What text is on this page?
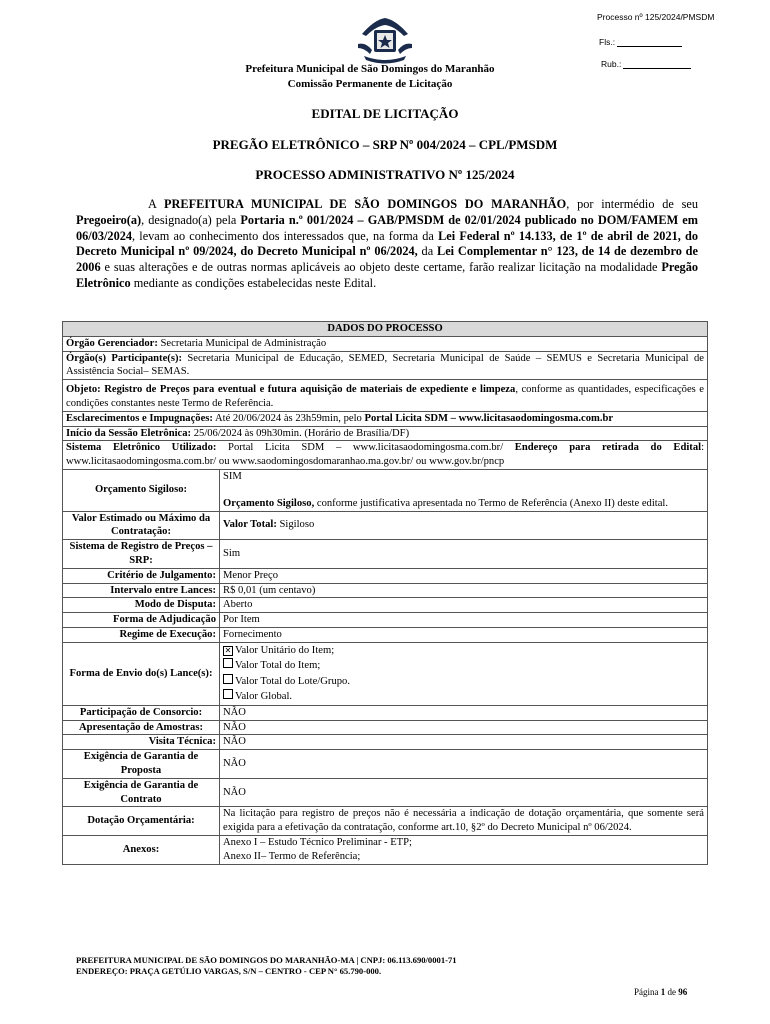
Processo nº 125/2024/PMSDM
Fls.:
Rub.:
Prefeitura Municipal de São Domingos do Maranhão
Comissão Permanente de Licitação
EDITAL DE LICITAÇÃO
PREGÃO ELETRÔNICO – SRP Nº 004/2024 – CPL/PMSDM
PROCESSO ADMINISTRATIVO Nº 125/2024

A PREFEITURA MUNICIPAL DE SÃO DOMINGOS DO MARANHÃO, por intermédio de seu Pregoeiro(a), designado(a) pela Portaria n.º 001/2024 – GAB/PMSDM de 02/01/2024 publicado no DOM/FAMEM em 06/03/2024, levam ao conhecimento dos interessados que, na forma da Lei Federal nº 14.133, de 1º de abril de 2021, do Decreto Municipal nº 09/2024, do Decreto Municipal nº 06/2024, da Lei Complementar n° 123, de 14 de dezembro de 2006 e suas alterações e de outras normas aplicáveis ao objeto deste certame, farão realizar licitação na modalidade Pregão Eletrônico mediante as condições estabelecidas neste Edital.

DADOS DO PROCESSO	
Órgão Gerenciador: Secretaria Municipal de Administração	
Órgão(s) Participante(s): Secretaria Municipal de Educação, SEMED, Secretaria Municipal de Saúde – SEMUS e Secretaria Municipal de Assistência Social– SEMAS.	
Objeto: Registro de Preços para eventual e futura aquisição de materiais de expediente e limpeza, conforme as quantidades, especificações e condições constantes neste Termo de Referência.	
Esclarecimentos e Impugnações: Até 20/06/2024 às 23h59min, pelo Portal Licita SDM – www.licitasaodomingosma.com.br	
Início da Sessão Eletrônica: 25/06/2024 às 09h30min. (Horário de Brasília/DF)	
Sistema Eletrônico Utilizado: Portal Licita SDM – www.licitasaodomingosma.com.br/ Endereço para retirada do Edital: www.licitasaodomingosma.com.br/ ou www.saodomingosdomaranhao.ma.gov.br/ ou www.gov.br/pncp	
Orçamento Sigiloso:	SIM
Orçamento Sigiloso, conforme justificativa apresentada no Termo de Referência (Anexo II) deste edital.

Valor Estimado ou Máximo da Contratação:	Valor Total: Sigiloso
Sistema de Registro de Preços – SRP:	Sim
Critério de Julgamento:	Menor Preço
Intervalo entre Lances:	R$ 0,01 (um centavo)
Modo de Disputa:	Aberto
Forma de Adjudicação	Por Item
Regime de Execução:	Fornecimento
Forma de Envio do(s) Lance(s):	✕ Valor Unitário do Item;
Valor Total do Item;
Valor Total do Lote/Grupo.
Valor Global.

Participação de Consorcio:	NÃO
Apresentação de Amostras:	NÃO
Visita Técnica:	NÃO
Exigência de Garantia de Proposta	NÃO
Exigência de Garantia de Contrato	NÃO
Dotação Orçamentária:	Na licitação para registro de preços não é necessária a indicação de dotação orçamentária, que somente será exigida para a efetivação da contratação, conforme art.10, §2º do Decreto Municipal nº 06/2024.
Anexos:	Anexo I – Estudo Técnico Preliminar - ETP;
Anexo II– Termo de Referência;
PREFEITURA MUNICIPAL DE SÃO DOMINGOS DO MARANHÃO-MA | CNPJ: 06.113.690/0001-71
ENDEREÇO: PRAÇA GETÚLIO VARGAS, S/N – CENTRO - CEP N° 65.790-000.
Página 1 de 96
